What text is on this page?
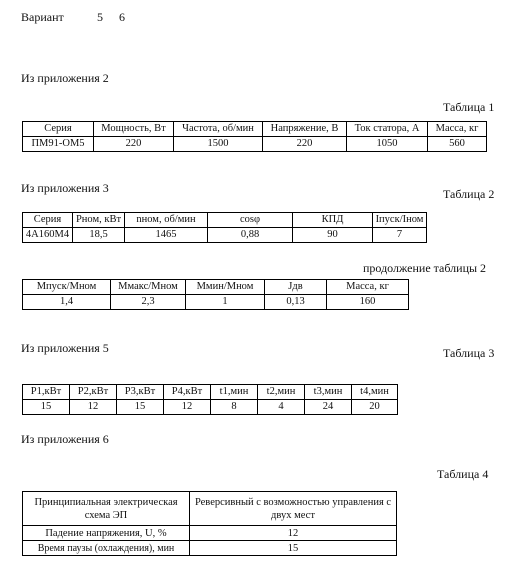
Вариант	5 6
Из приложения 2
Таблица 1
Серия	Мощность, Вт	Частота, об/мин	Напряжение, В	Ток статора, А	Масса, кг
ПМ91-ОМ5	220	1500	220	1050	560
Из приложения 3	Таблица 2
Серия	Рном, кВт	nном, об/мин	cosφ	КПД	Iпуск/Iном
4А160М4	18,5	1465	0,88	90	7
продолжение таблицы 2
Мпуск/Мном	Ммакс/Мном	Ммин/Мном	Jдв	Масса, кг
1,4	2,3	1	0,13	160
Из приложения 5	Таблица 3
P1,кВт	P2,кВт	P3,кВт	P4,кВт	t1,мин	t2,мин	t3,мин	t4,мин
15	12	15	12	8	4	24	20
Из приложения 6
Таблица 4
Принципиальная электрическая схема ЭП	Реверсивный с возможностью управления с двух мест
Падение напряжения, U, %	12
Время паузы (охлаждения), мин	15
